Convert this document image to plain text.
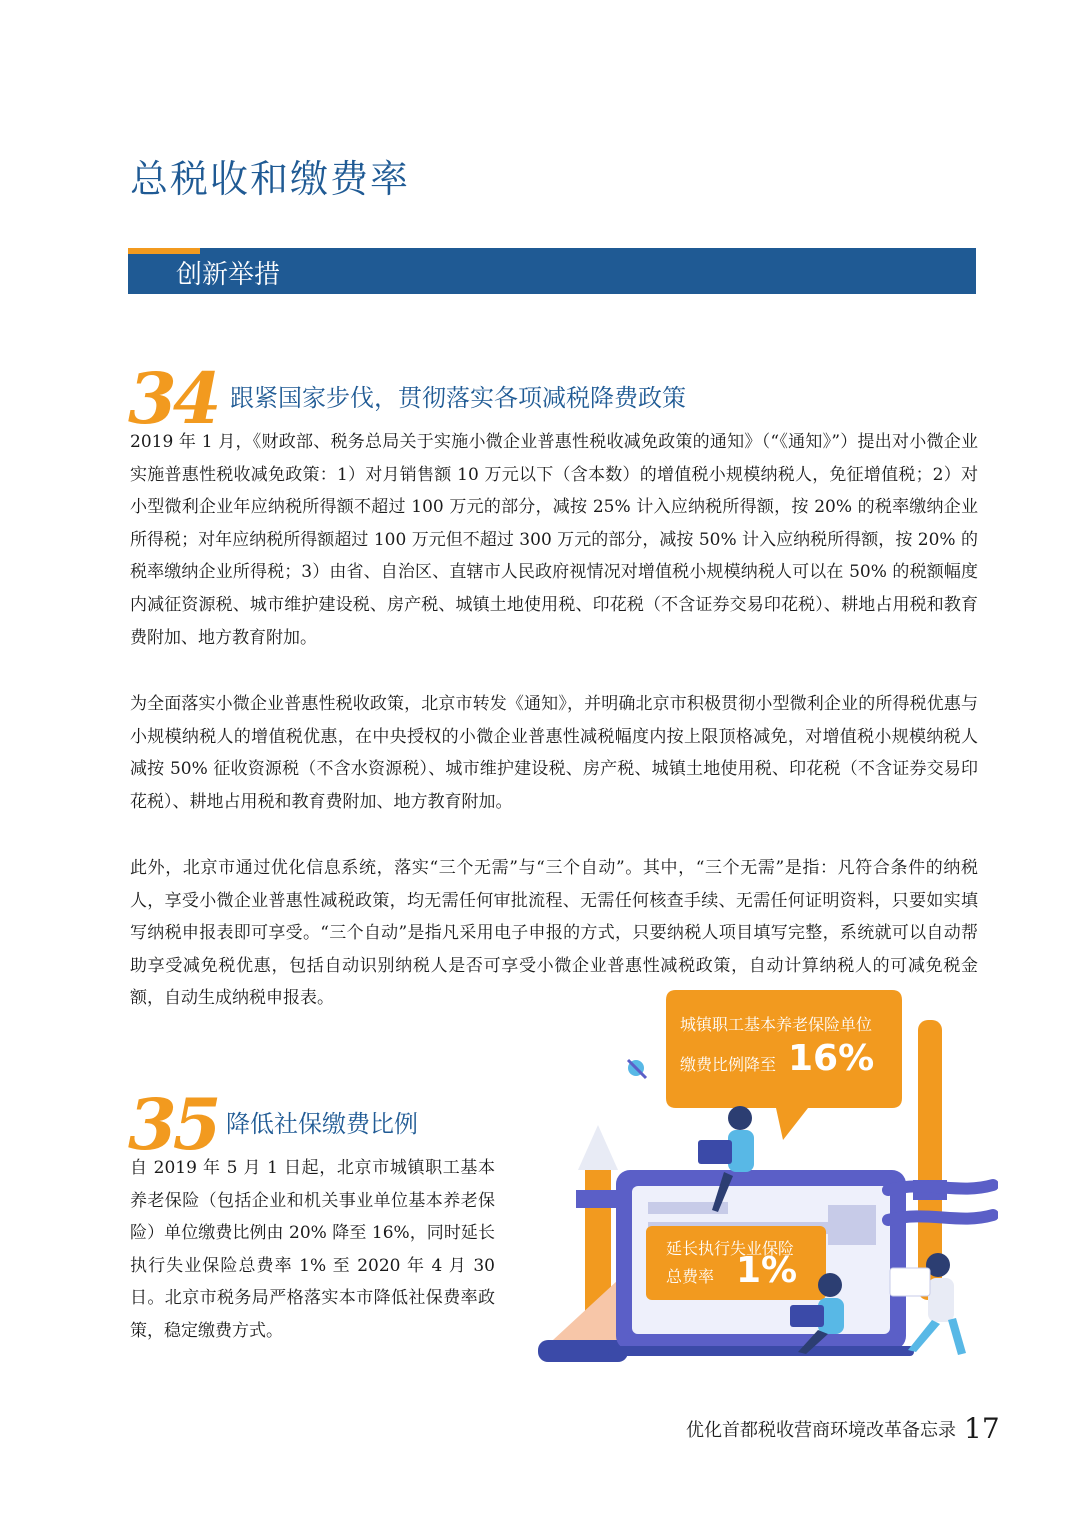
总税收和缴费率
创新举措
34 跟紧国家步伐，贯彻落实各项减税降费政策

2019 年 1 月，《财政部、税务总局关于实施小微企业普惠性税收减免政策的通知》（“《通知》”）提出对小微企业实施普惠性税收减免政策：1）对月销售额 10 万元以下（含本数）的增值税小规模纳税人，免征增值税；2）对小型微利企业年应纳税所得额不超过 100 万元的部分，减按 25% 计入应纳税所得额，按 20% 的税率缴纳企业所得税；对年应纳税所得额超过 100 万元但不超过 300 万元的部分，减按 50% 计入应纳税所得额，按 20% 的税率缴纳企业所得税；3）由省、自治区、直辖市人民政府视情况对增值税小规模纳税人可以在 50% 的税额幅度内减征资源税、城市维护建设税、房产税、城镇土地使用税、印花税（不含证券交易印花税）、耕地占用税和教育费附加、地方教育附加。

为全面落实小微企业普惠性税收政策，北京市转发《通知》，并明确北京市积极贯彻小型微利企业的所得税优惠与小规模纳税人的增值税优惠，在中央授权的小微企业普惠性减税幅度内按上限顶格减免，对增值税小规模纳税人减按 50% 征收资源税（不含水资源税）、城市维护建设税、房产税、城镇土地使用税、印花税（不含证券交易印花税）、耕地占用税和教育费附加、地方教育附加。

此外，北京市通过优化信息系统，落实“三个无需”与“三个自动”。其中，“三个无需”是指：凡符合条件的纳税人，享受小微企业普惠性减税政策，均无需任何审批流程、无需任何核查手续、无需任何证明资料，只要如实填写纳税申报表即可享受。“三个自动”是指凡采用电子申报的方式，只要纳税人项目填写完整，系统就可以自动帮助享受减免税优惠，包括自动识别纳税人是否可享受小微企业普惠性减税政策，自动计算纳税人的可减免税金额，自动生成纳税申报表。

35 降低社保缴费比例

自 2019 年 5 月 1 日起，北京市城镇职工基本养老保险（包括企业和机关事业单位基本养老保险）单位缴费比例由 20% 降至 16%，同时延长执行失业保险总费率 1% 至 2020 年 4 月 30 日。北京市税务局严格落实本市降低社保费率政策，稳定缴费方式。

城镇职工基本养老保险单位
缴费比例降至 16%
延长执行失业保险
总费率 1%
优化首都税收营商环境改革备忘录 17
